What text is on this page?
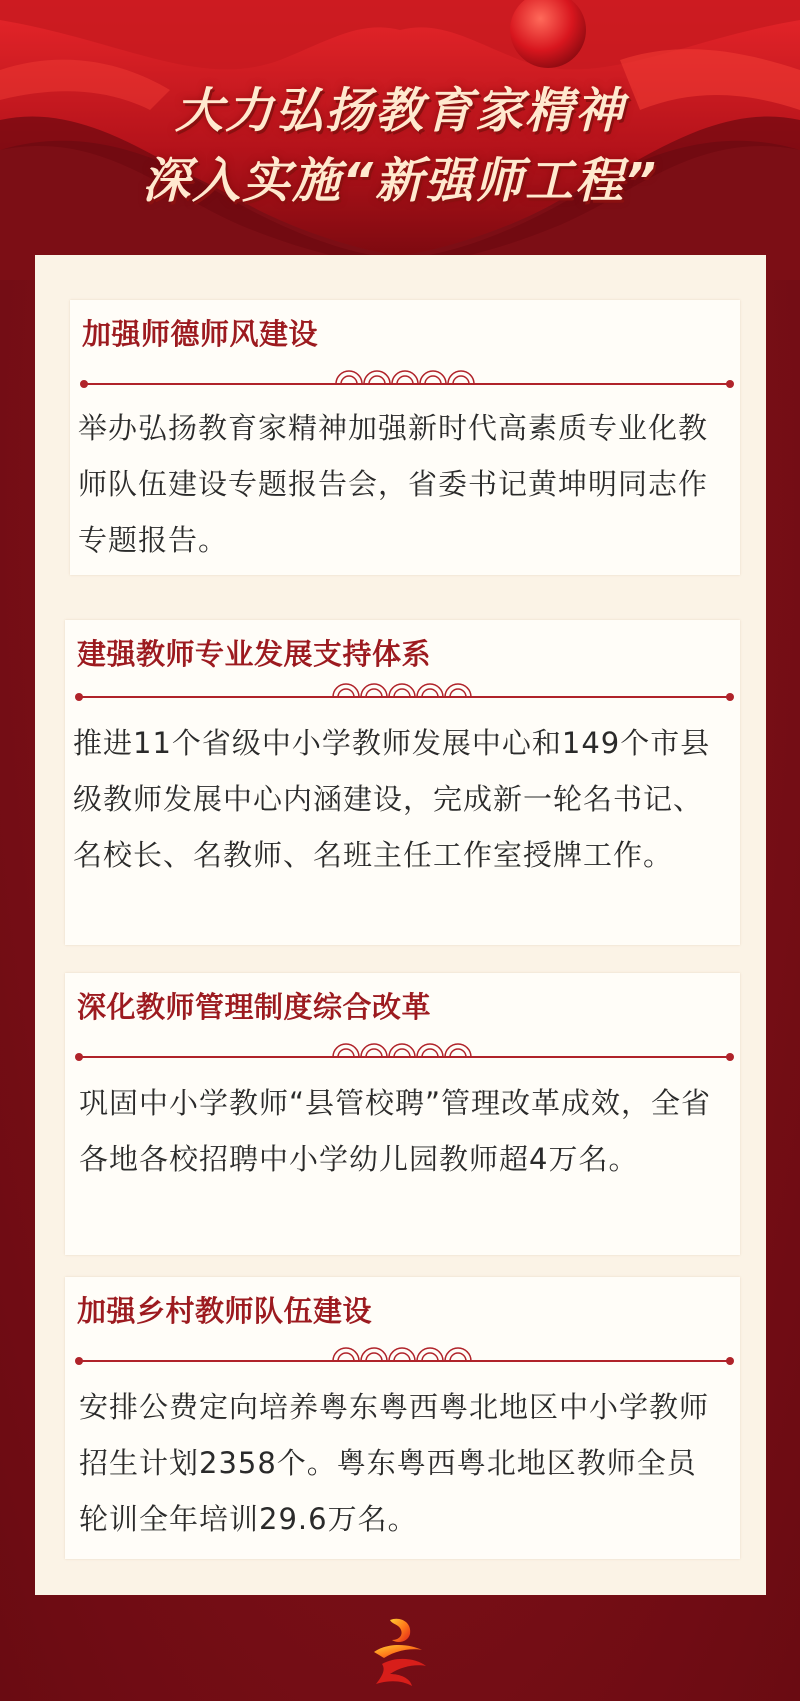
大力弘扬教育家精神
深入实施“新强师工程”
加强师德师风建设
举办弘扬教育家精神加强新时代高素质专业化教师队伍建设专题报告会，省委书记黄坤明同志作专题报告。
建强教师专业发展支持体系
推进11个省级中小学教师发展中心和149个市县级教师发展中心内涵建设，完成新一轮名书记、名校长、名教师、名班主任工作室授牌工作。
深化教师管理制度综合改革
巩固中小学教师“县管校聘”管理改革成效，全省各地各校招聘中小学幼儿园教师超4万名。
加强乡村教师队伍建设
安排公费定向培养粤东粤西粤北地区中小学教师招生计划2358个。粤东粤西粤北地区教师全员轮训全年培训29.6万名。
